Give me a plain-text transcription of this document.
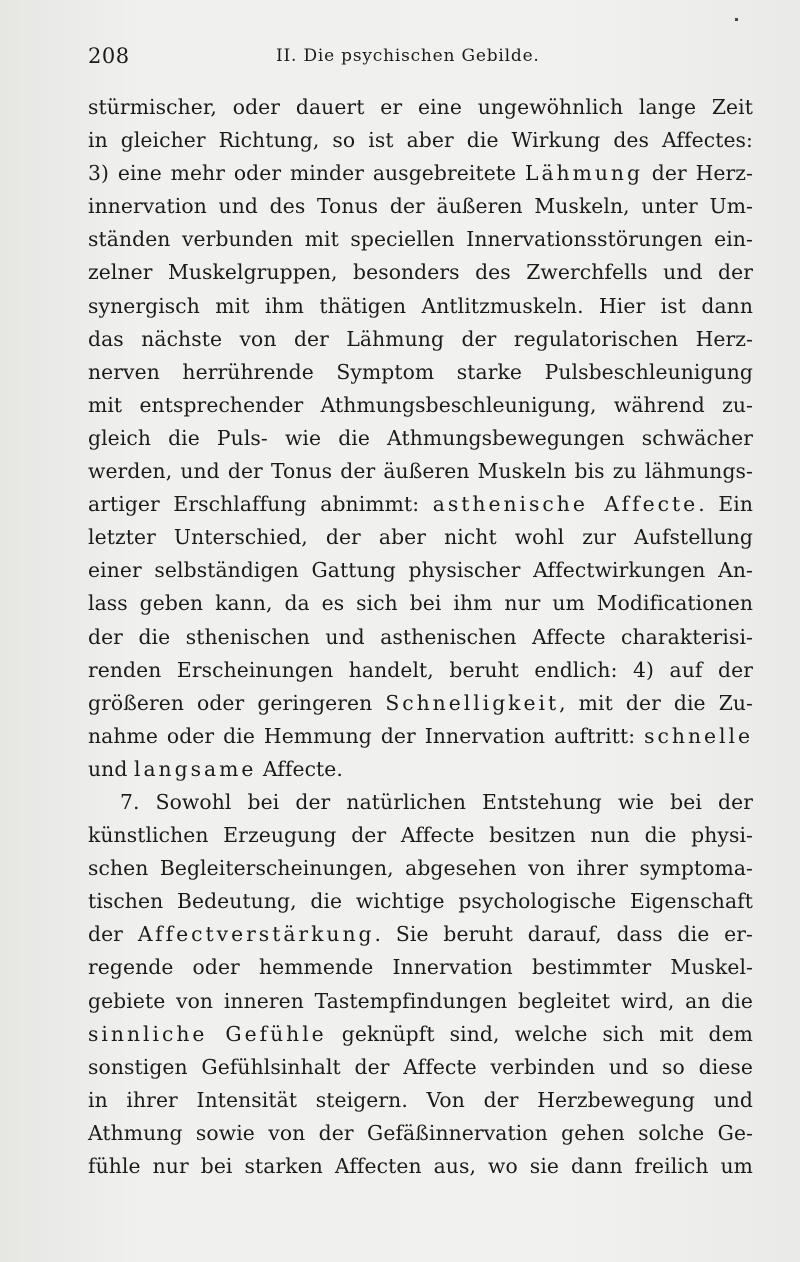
208	II. Die psychischen Gebilde.
stürmischer, oder dauert er eine ungewöhnlich lange Zeit
in gleicher Richtung, so ist aber die Wirkung des Affectes:
3) eine mehr oder minder ausgebreitete Lähmung der Herz-
innervation und des Tonus der äußeren Muskeln, unter Um-
ständen verbunden mit speciellen Innervationsstörungen ein-
zelner Muskelgruppen, besonders des Zwerchfells und der
synergisch mit ihm thätigen Antlitzmuskeln. Hier ist dann
das nächste von der Lähmung der regulatorischen Herz-
nerven herrührende Symptom starke Pulsbeschleunigung
mit entsprechender Athmungsbeschleunigung, während zu-
gleich die Puls- wie die Athmungsbewegungen schwächer
werden, und der Tonus der äußeren Muskeln bis zu lähmungs-
artiger Erschlaffung abnimmt: asthenische Affecte. Ein
letzter Unterschied, der aber nicht wohl zur Aufstellung
einer selbständigen Gattung physischer Affectwirkungen An-
lass geben kann, da es sich bei ihm nur um Modificationen
der die sthenischen und asthenischen Affecte charakterisi-
renden Erscheinungen handelt, beruht endlich: 4) auf der
größeren oder geringeren Schnelligkeit, mit der die Zu-
nahme oder die Hemmung der Innervation auftritt: schnelle
und langsame Affecte.
7. Sowohl bei der natürlichen Entstehung wie bei der
künstlichen Erzeugung der Affecte besitzen nun die physi-
schen Begleiterscheinungen, abgesehen von ihrer symptoma-
tischen Bedeutung, die wichtige psychologische Eigenschaft
der Affectverstärkung. Sie beruht darauf, dass die er-
regende oder hemmende Innervation bestimmter Muskel-
gebiete von inneren Tastempfindungen begleitet wird, an die
sinnliche Gefühle geknüpft sind, welche sich mit dem
sonstigen Gefühlsinhalt der Affecte verbinden und so diese
in ihrer Intensität steigern. Von der Herzbewegung und
Athmung sowie von der Gefäßinnervation gehen solche Ge-
fühle nur bei starken Affecten aus, wo sie dann freilich um
